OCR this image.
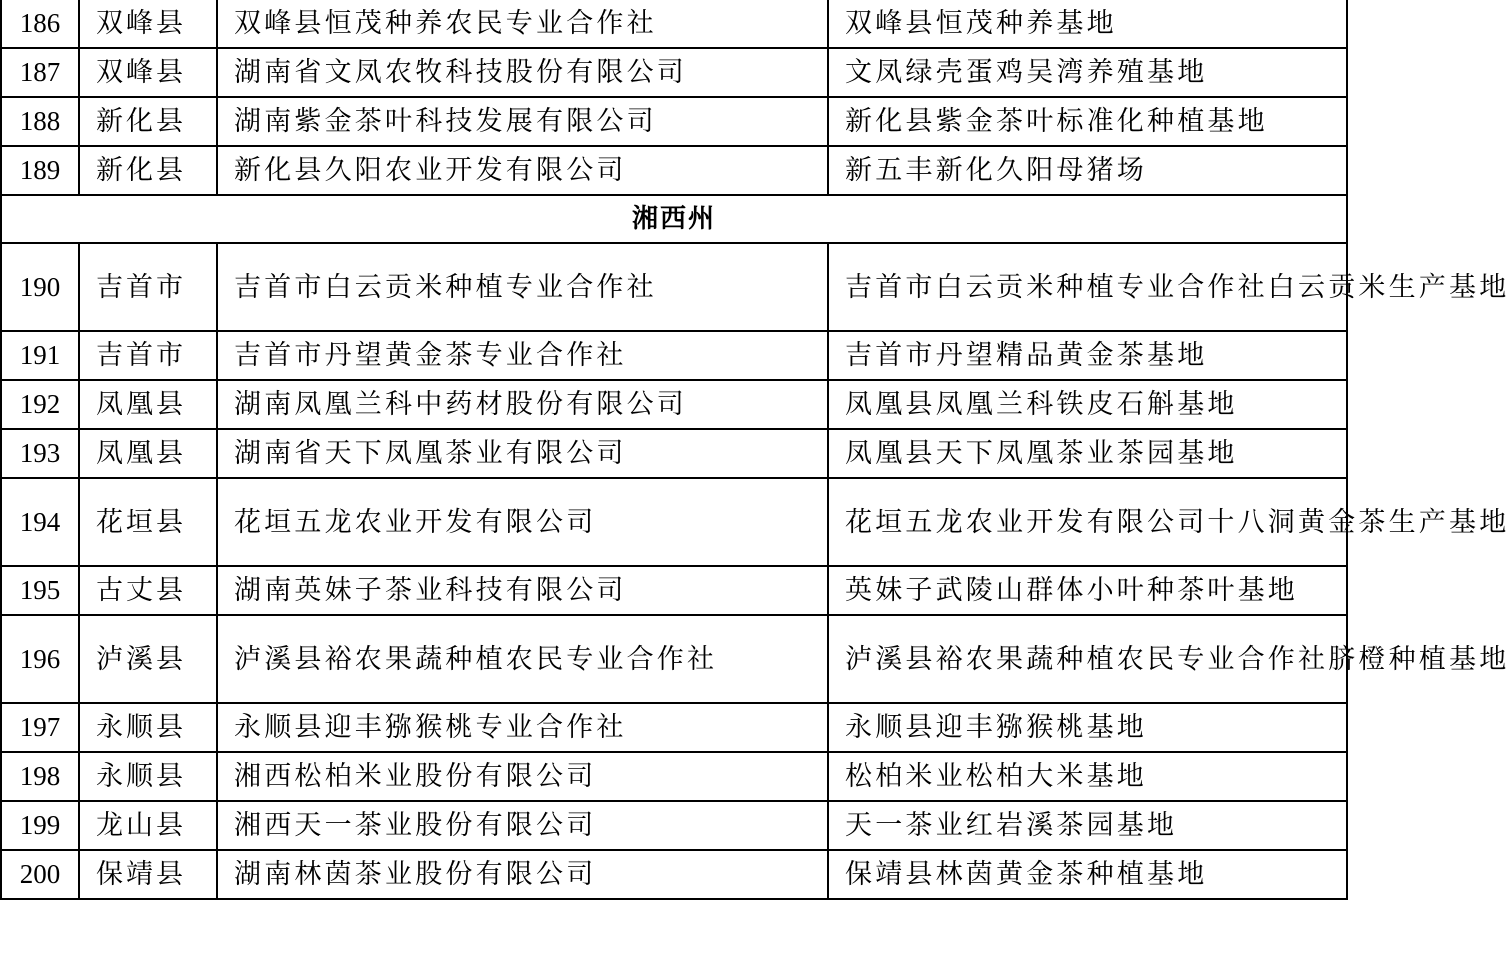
186	双峰县	双峰县恒茂种养农民专业合作社	双峰县恒茂种养基地
187	双峰县	湖南省文凤农牧科技股份有限公司	文凤绿壳蛋鸡吴湾养殖基地
188	新化县	湖南紫金茶叶科技发展有限公司	新化县紫金茶叶标准化种植基地
189	新化县	新化县久阳农业开发有限公司	新五丰新化久阳母猪场
湘西州			
190	吉首市	吉首市白云贡米种植专业合作社	吉首市白云贡米种植专业合作社白云贡米生产基地
191	吉首市	吉首市丹望黄金茶专业合作社	吉首市丹望精品黄金茶基地
192	凤凰县	湖南凤凰兰科中药材股份有限公司	凤凰县凤凰兰科铁皮石斛基地
193	凤凰县	湖南省天下凤凰茶业有限公司	凤凰县天下凤凰茶业茶园基地
194	花垣县	花垣五龙农业开发有限公司	花垣五龙农业开发有限公司十八洞黄金茶生产基地
195	古丈县	湖南英妹子茶业科技有限公司	英妹子武陵山群体小叶种茶叶基地
196	泸溪县	泸溪县裕农果蔬种植农民专业合作社	泸溪县裕农果蔬种植农民专业合作社脐橙种植基地
197	永顺县	永顺县迎丰猕猴桃专业合作社	永顺县迎丰猕猴桃基地
198	永顺县	湘西松柏米业股份有限公司	松柏米业松柏大米基地
199	龙山县	湘西天一茶业股份有限公司	天一茶业红岩溪茶园基地
200	保靖县	湖南林茵茶业股份有限公司	保靖县林茵黄金茶种植基地
